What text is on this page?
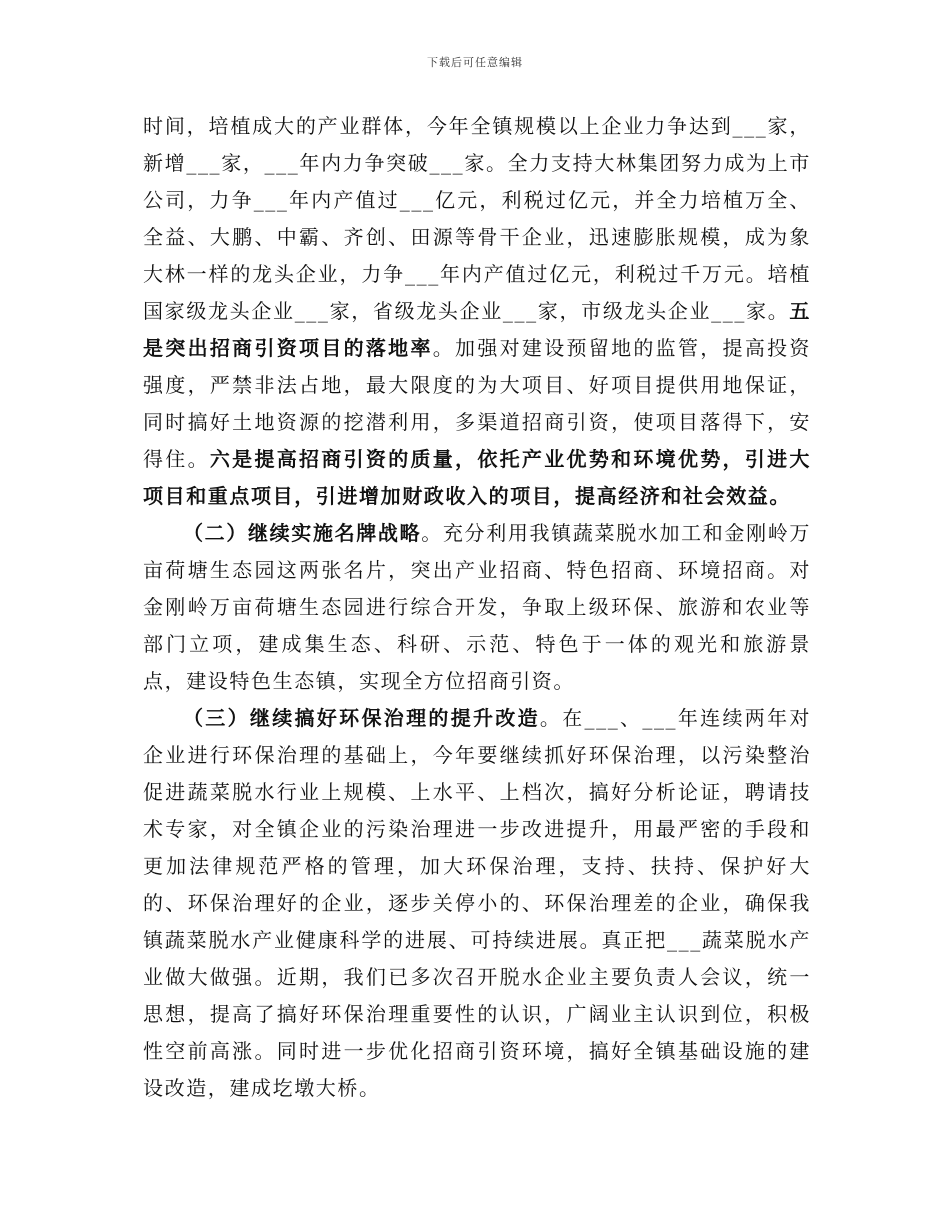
下载后可任意编辑

时间，培植成大的产业群体，今年全镇规模以上企业力争达到___家，新增___家，___年内力争突破___家。全力支持大林集团努力成为上市公司，力争___年内产值过___亿元，利税过亿元，并全力培植万全、全益、大鹏、中霸、齐创、田源等骨干企业，迅速膨胀规模，成为象大林一样的龙头企业，力争___年内产值过亿元，利税过千万元。培植国家级龙头企业___家，省级龙头企业___家，市级龙头企业___家。五是突出招商引资项目的落地率。加强对建设预留地的监管，提高投资强度，严禁非法占地，最大限度的为大项目、好项目提供用地保证，同时搞好土地资源的挖潜利用，多渠道招商引资，使项目落得下，安得住。六是提高招商引资的质量，依托产业优势和环境优势，引进大项目和重点项目，引进增加财政收入的项目，提高经济和社会效益。

（二）继续实施名牌战略。充分利用我镇蔬菜脱水加工和金刚岭万亩荷塘生态园这两张名片，突出产业招商、特色招商、环境招商。对金刚岭万亩荷塘生态园进行综合开发，争取上级环保、旅游和农业等部门立项，建成集生态、科研、示范、特色于一体的观光和旅游景点，建设特色生态镇，实现全方位招商引资。

（三）继续搞好环保治理的提升改造。在___、___年连续两年对企业进行环保治理的基础上，今年要继续抓好环保治理，以污染整治促进蔬菜脱水行业上规模、上水平、上档次，搞好分析论证，聘请技术专家，对全镇企业的污染治理进一步改进提升，用最严密的手段和更加法律规范严格的管理，加大环保治理，支持、扶持、保护好大的、环保治理好的企业，逐步关停小的、环保治理差的企业，确保我镇蔬菜脱水产业健康科学的进展、可持续进展。真正把___蔬菜脱水产业做大做强。近期，我们已多次召开脱水企业主要负责人会议，统一思想，提高了搞好环保治理重要性的认识，广阔业主认识到位，积极性空前高涨。同时进一步优化招商引资环境，搞好全镇基础设施的建设改造，建成圪墩大桥。
